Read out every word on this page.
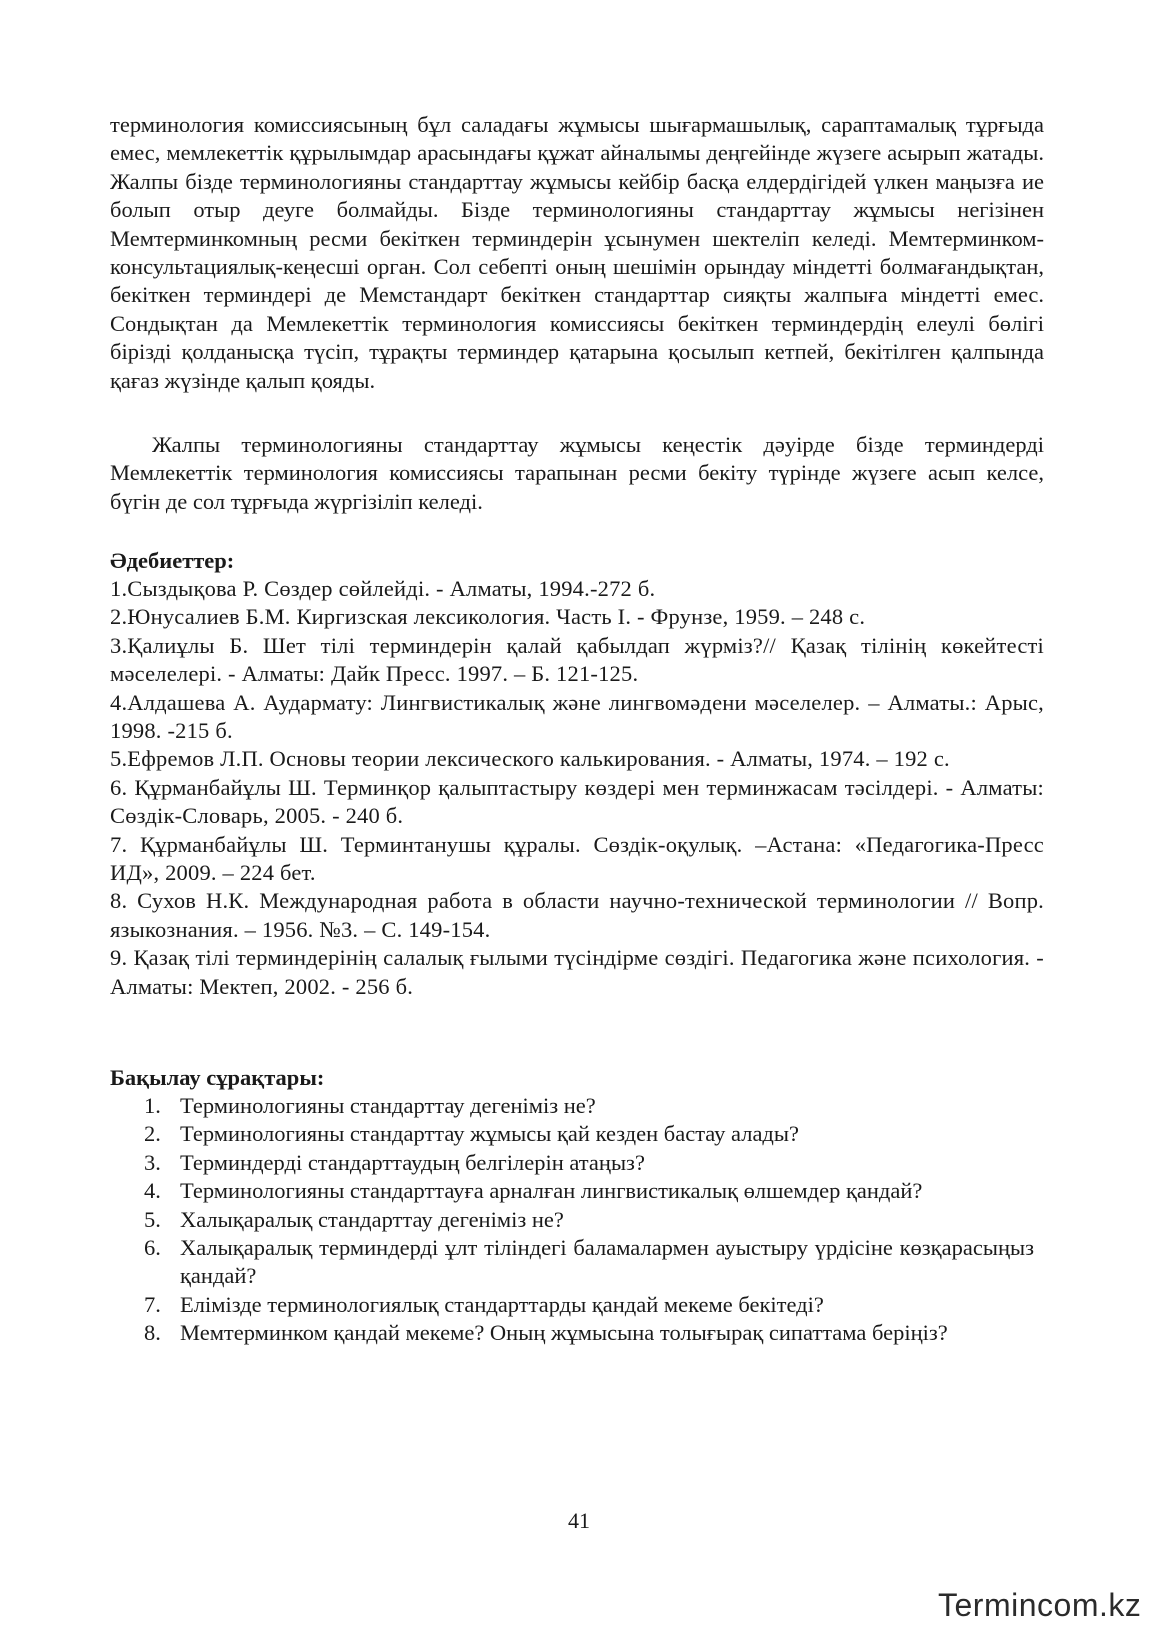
терминология комиссиясының бұл саладағы жұмысы шығармашылық, сараптамалық тұрғыда емес, мемлекеттік құрылымдар арасындағы құжат айналымы деңгейінде жүзеге асырып жатады. Жалпы бізде терминологияны стандарттау жұмысы кейбір басқа елдердігідей үлкен маңызға ие болып отыр деуге болмайды. Бізде терминологияны стандарттау жұмысы негізінен Мемтерминкомның ресми бекіткен терминдерін ұсынумен шектеліп келеді. Мемтерминком-консультациялық-кеңесші орган. Сол себепті оның шешімін орындау міндетті болмағандықтан, бекіткен терминдері де Мемстандарт бекіткен стандарттар сияқты жалпыға міндетті емес. Сондықтан да Мемлекеттік терминология комиссиясы бекіткен терминдердің елеулі бөлігі бірізді қолданысқа түсіп, тұрақты терминдер қатарына қосылып кетпей, бекітілген қалпында қағаз жүзінде қалып қояды.

Жалпы терминологияны стандарттау жұмысы кеңестік дәуірде бізде терминдерді Мемлекеттік терминология комиссиясы тарапынан ресми бекіту түрінде жүзеге асып келсе, бүгін де сол тұрғыда жүргізіліп келеді.

Әдебиеттер:
1.Сыздықова Р. Сөздер сөйлейді. - Алматы, 1994.-272 б.
2.Юнусалиев Б.М. Киргизская лексикология. Часть I. - Фрунзе, 1959. – 248 с.
3.Қалиұлы Б. Шет тілі терминдерін қалай қабылдап жүрміз?// Қазақ тілінің көкейтесті мәселелері. - Алматы: Дайк Пресс. 1997. – Б. 121-125.
4.Алдашева А. Аудармату: Лингвистикалық және лингвомәдени мәселелер. – Алматы.: Арыс, 1998. -215 б.
5.Ефремов Л.П. Основы теории лексического калькирования. - Алматы, 1974. – 192 с.
6. Құрманбайұлы Ш. Терминқор қалыптастыру көздері мен терминжасам тәсілдері. - Алматы: Сөздік-Словарь, 2005. - 240 б.
7. Құрманбайұлы Ш. Терминтанушы құралы. Сөздік-оқулық. –Астана: «Педагогика-Пресс ИД», 2009. – 224 бет.
8. Сухов Н.К. Международная работа в области научно-технической терминологии // Вопр. языкознания. – 1956. №3. – С. 149-154.
9. Қазақ тілі терминдерінің салалық ғылыми түсіндірме сөздігі. Педагогика және психология. - Алматы: Мектеп, 2002. - 256 б.
Бақылау сұрақтары:
1. Терминологияны стандарттау дегеніміз не?
2. Терминологияны стандарттау жұмысы қай кезден бастау алады?
3. Терминдерді стандарттаудың белгілерін атаңыз?
4. Терминологияны стандарттауға арналған лингвистикалық өлшемдер қандай?
5. Халықаралық стандарттау дегеніміз не?
6. Халықаралық терминдерді ұлт тіліндегі баламалармен ауыстыру үрдісіне көзқарасыңыз қандай?
7. Елімізде терминологиялық стандарттарды қандай мекеме бекітеді?
8. Мемтерминком қандай мекеме? Оның жұмысына толығырақ сипаттама беріңіз?
41
Termincom.kz
